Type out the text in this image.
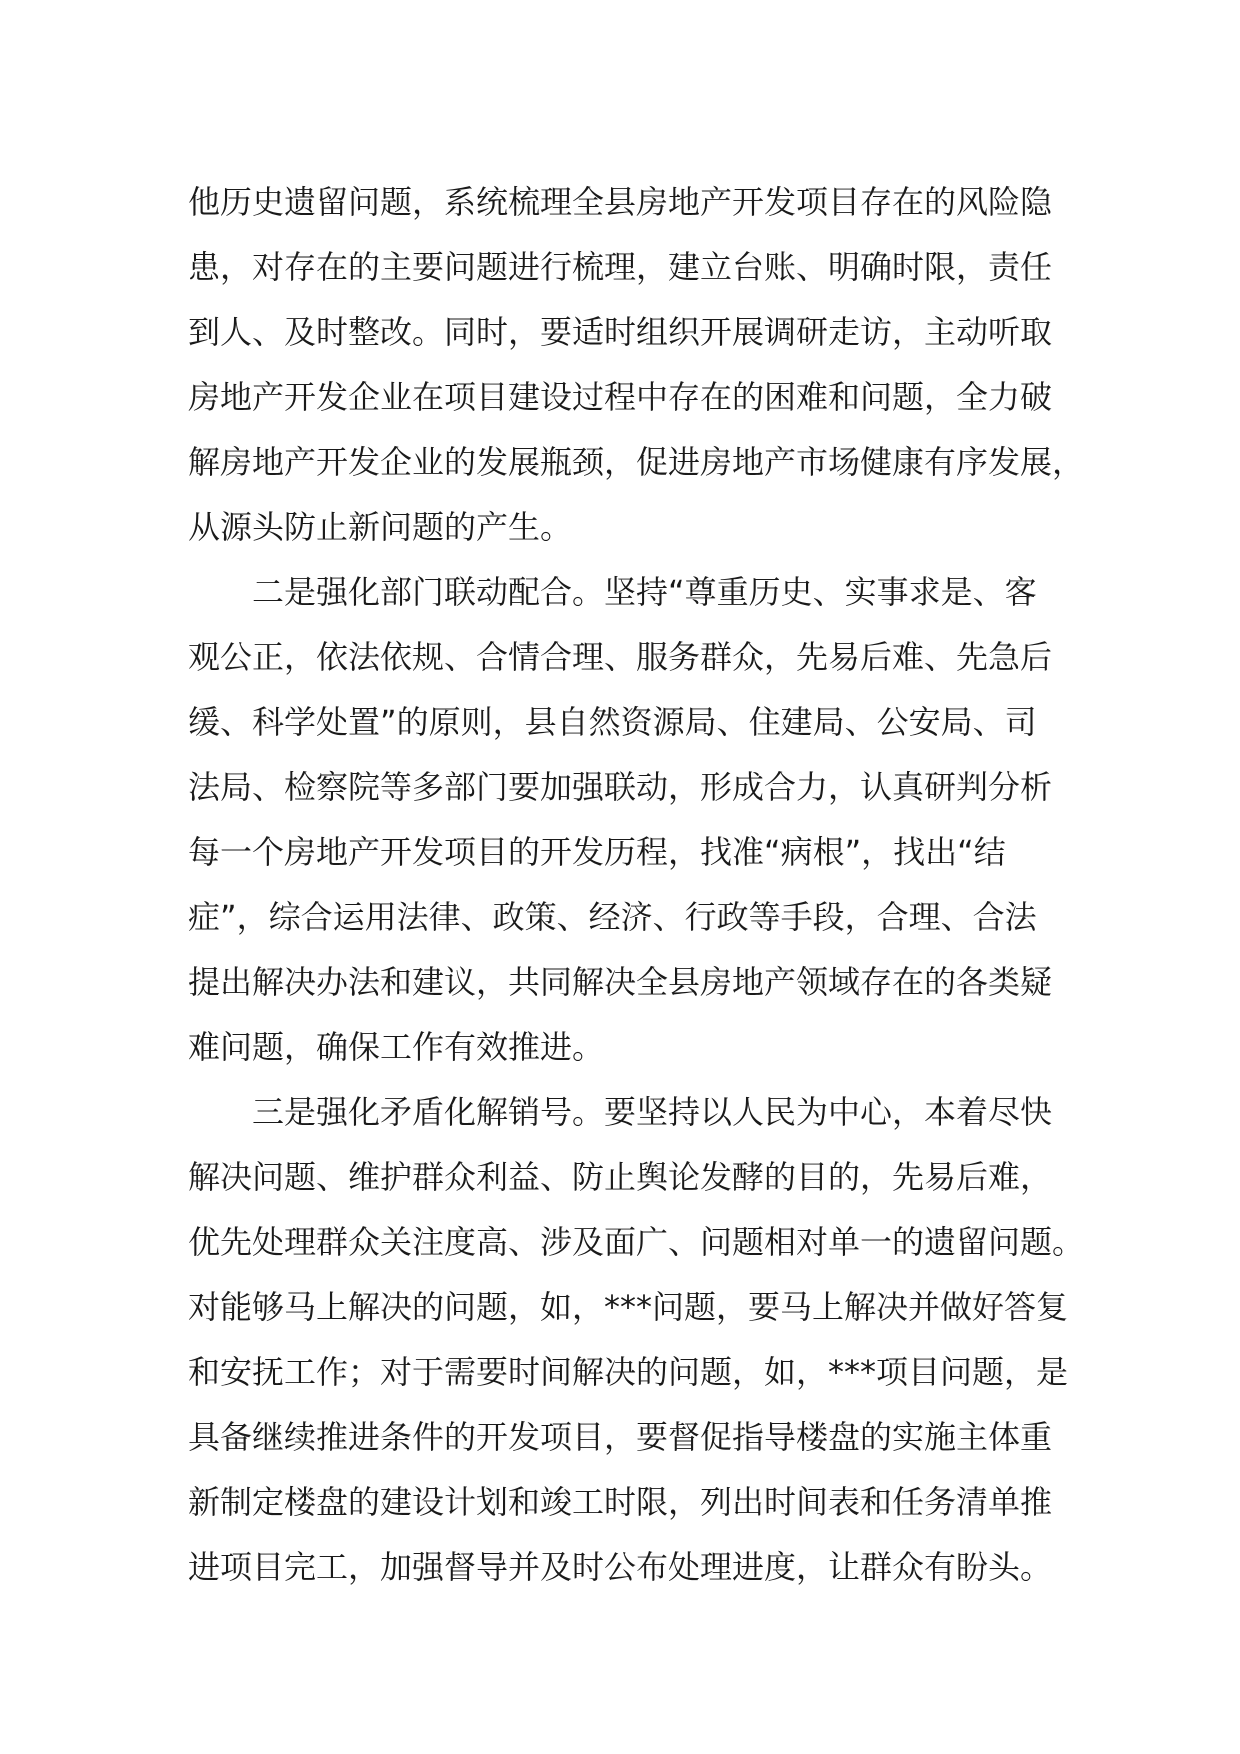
他历史遗留问题，系统梳理全县房地产开发项目存在的风险隐
患，对存在的主要问题进行梳理，建立台账、明确时限，责任
到人、及时整改。同时，要适时组织开展调研走访，主动听取
房地产开发企业在项目建设过程中存在的困难和问题，全力破
解房地产开发企业的发展瓶颈，促进房地产市场健康有序发展，
从源头防止新问题的产生。
二是强化部门联动配合。坚持“尊重历史、实事求是、客
观公正，依法依规、合情合理、服务群众，先易后难、先急后
缓、科学处置”的原则，县自然资源局、住建局、公安局、司
法局、检察院等多部门要加强联动，形成合力，认真研判分析
每一个房地产开发项目的开发历程，找准“病根”，找出“结
症”，综合运用法律、政策、经济、行政等手段，合理、合法
提出解决办法和建议，共同解决全县房地产领域存在的各类疑
难问题，确保工作有效推进。
三是强化矛盾化解销号。要坚持以人民为中心，本着尽快
解决问题、维护群众利益、防止舆论发酵的目的，先易后难，
优先处理群众关注度高、涉及面广、问题相对单一的遗留问题。
对能够马上解决的问题，如，***问题，要马上解决并做好答复
和安抚工作；对于需要时间解决的问题，如，***项目问题，是
具备继续推进条件的开发项目，要督促指导楼盘的实施主体重
新制定楼盘的建设计划和竣工时限，列出时间表和任务清单推
进项目完工，加强督导并及时公布处理进度，让群众有盼头。
